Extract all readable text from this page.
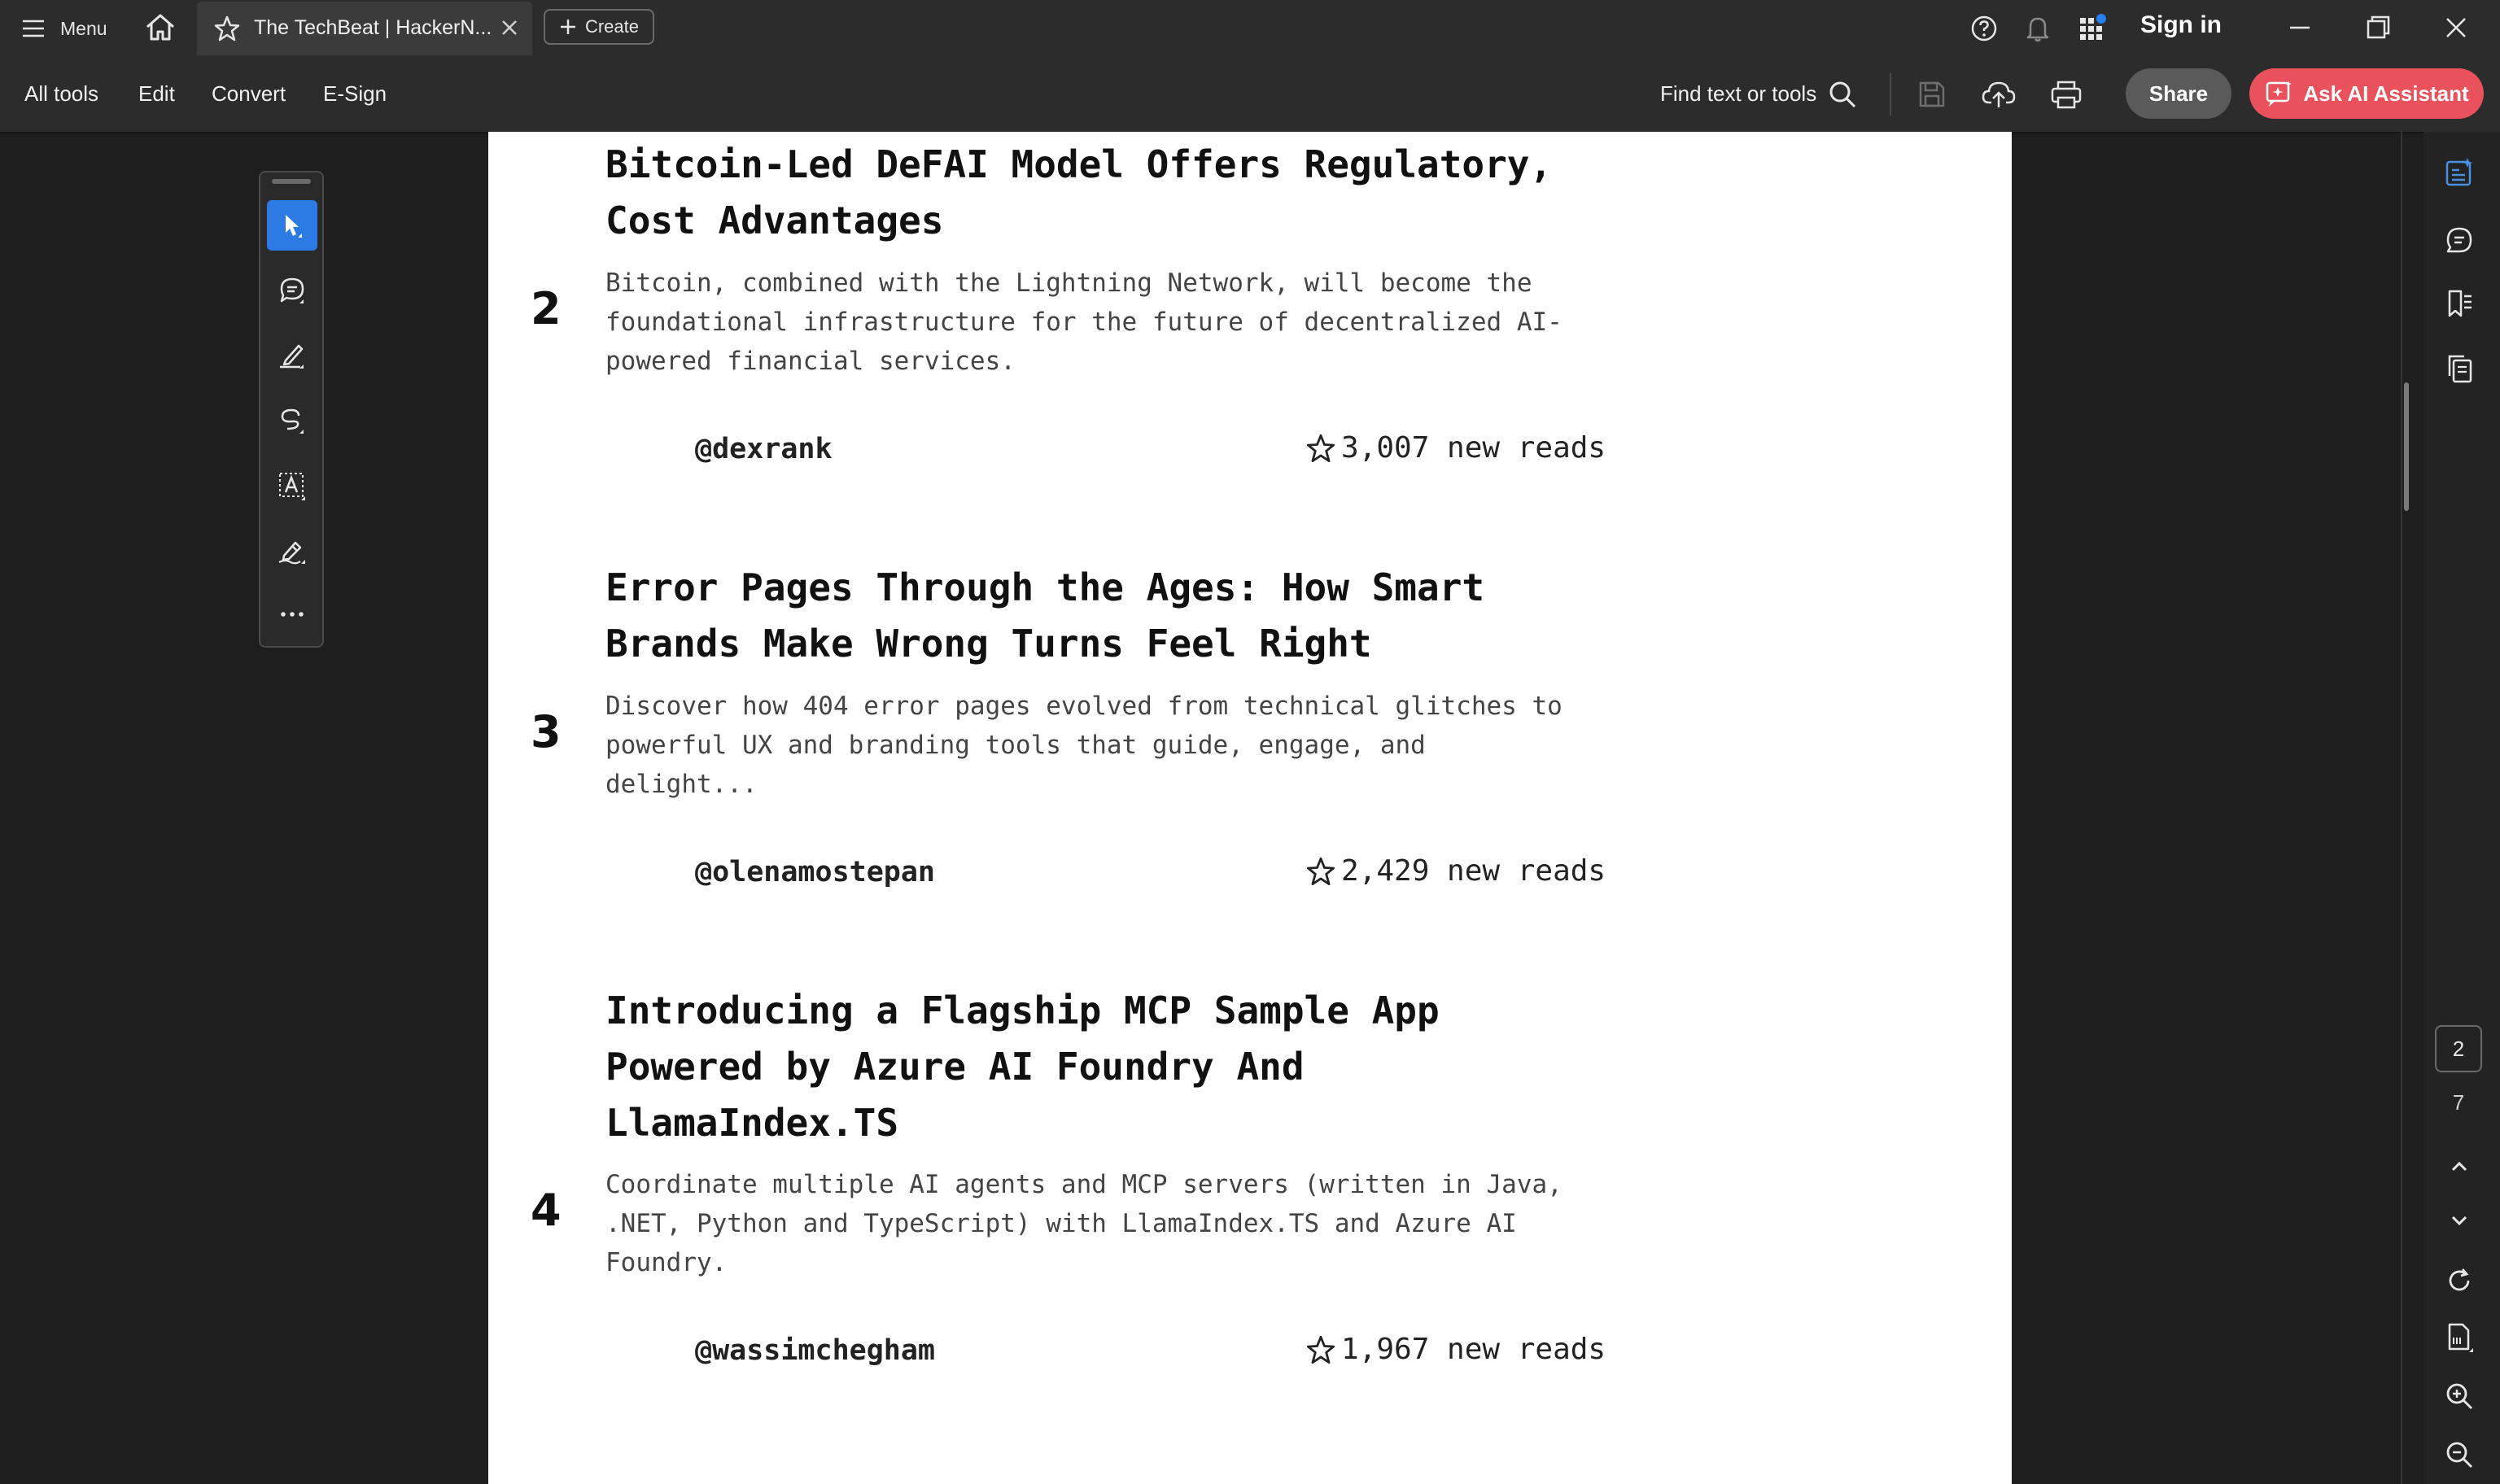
Menu	The TechBeat | HackerN...	Create	Sign in
All tools Edit Convert E-Sign	Find text or tools	Share	Ask AI Assistant
Bitcoin-Led DeFAI Model Offers Regulatory,
Cost Advantages
2 Bitcoin, combined with the Lightning Network, will become the
foundational infrastructure for the future of decentralized AI-
powered financial services.
@dexrank	3,007 new reads
Error Pages Through the Ages: How Smart
Brands Make Wrong Turns Feel Right
3 Discover how 404 error pages evolved from technical glitches to
powerful UX and branding tools that guide, engage, and
delight...
@olenamostepan	2,429 new reads
Introducing a Flagship MCP Sample App
Powered by Azure AI Foundry And
LlamaIndex.TS
4 Coordinate multiple AI agents and MCP servers (written in Java,
.NET, Python and TypeScript) with LlamaIndex.TS and Azure AI
Foundry.
@wassimchegham	1,967 new reads
2
7
